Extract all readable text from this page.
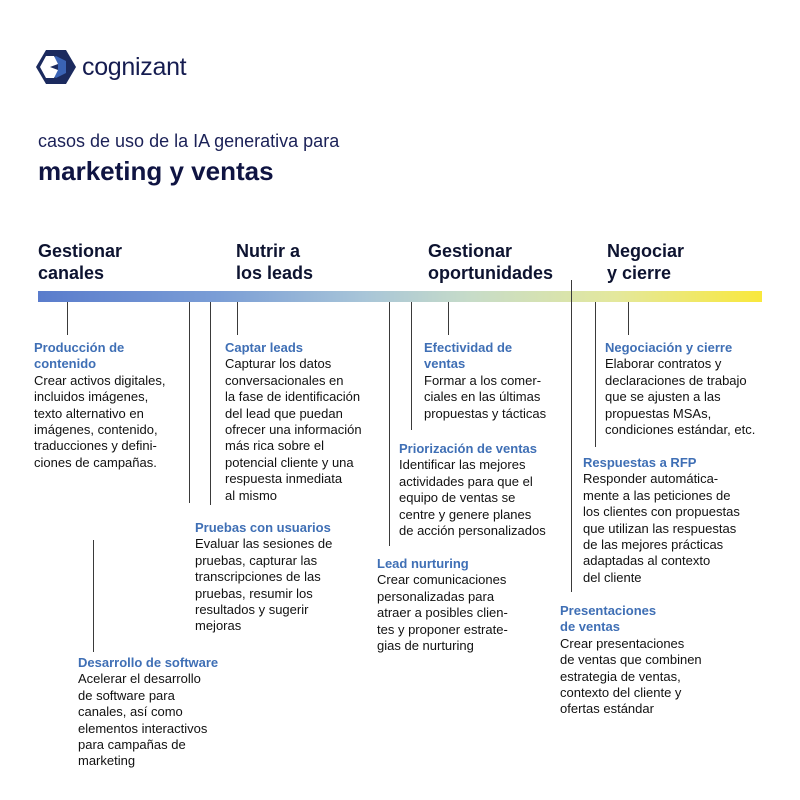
cognizant
casos de uso de la IA generativa para
marketing y ventas
Gestionar
canales
Nutrir a
los leads
Gestionar
oportunidades
Negociar
y cierre
Producción de
contenido
Crear activos digitales,
incluidos imágenes,
texto alternativo en
imágenes, contenido,
traducciones y defini-
ciones de campañas.
Desarrollo de software
Acelerar el desarrollo
de software para
canales, así como
elementos interactivos
para campañas de
marketing
Pruebas con usuarios
Evaluar las sesiones de
pruebas, capturar las
transcripciones de las
pruebas, resumir los
resultados y sugerir
mejoras
Captar leads
Capturar los datos
conversacionales en
la fase de identificación
del lead que puedan
ofrecer una información
más rica sobre el
potencial cliente y una
respuesta inmediata
al mismo
Lead nurturing
Crear comunicaciones
personalizadas para
atraer a posibles clien-
tes y proponer estrate-
gias de nurturing
Priorización de ventas
Identificar las mejores
actividades para que el
equipo de ventas se
centre y genere planes
de acción personalizados
Efectividad de
ventas
Formar a los comer-
ciales en las últimas
propuestas y tácticas
Presentaciones
de ventas
Crear presentaciones
de ventas que combinen
estrategia de ventas,
contexto del cliente y
ofertas estándar
Respuestas a RFP
Responder automática-
mente a las peticiones de
los clientes con propuestas
que utilizan las respuestas
de las mejores prácticas
adaptadas al contexto
del cliente
Negociación y cierre
Elaborar contratos y
declaraciones de trabajo
que se ajusten a las
propuestas MSAs,
condiciones estándar, etc.
